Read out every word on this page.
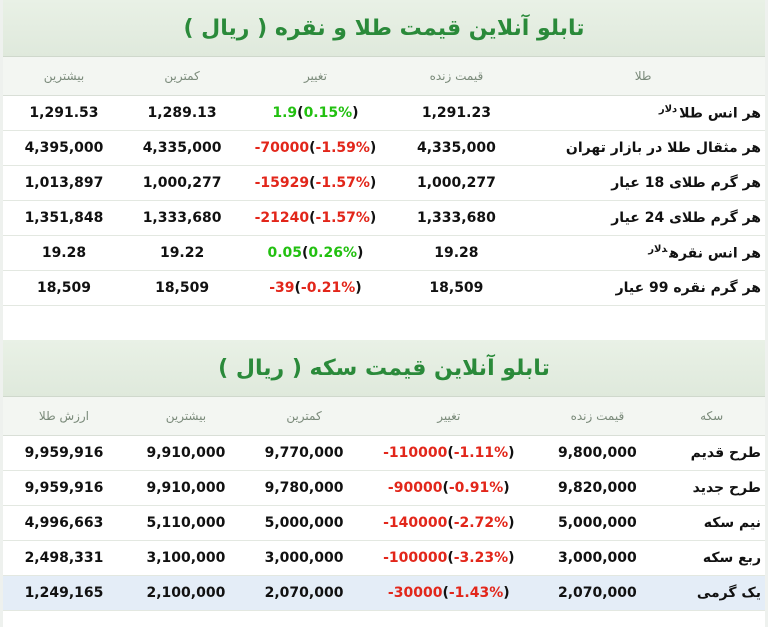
تابلو آنلاین قیمت طلا و نقره ( ریال )
طلا	قیمت زنده	تغییر	کمترین	بیشترین
هر انس طلا$^{دلار}$	1,291.23	1.9(0.15%)	1,289.13	1,291.53
هر مثقال طلا در بازار تهران	4,335,000	-70000(-1.59%)	4,335,000	4,395,000
هر گرم طلای 18 عیار	1,000,277	-15929(-1.57%)	1,000,277	1,013,897
هر گرم طلای 24 عیار	1,333,680	-21240(-1.57%)	1,333,680	1,351,848
هر انس نقره$^{دلار}$	19.28	0.05(0.26%)	19.22	19.28
هر گرم نقره 99 عیار	18,509	-39(-0.21%)	18,509	18,509
تابلو آنلاین قیمت سکه ( ریال )
سکه	قیمت زنده	تغییر	کمترین	بیشترین	ارزش طلا
طرح قدیم	9,800,000	-110000(-1.11%)	9,770,000	9,910,000	9,959,916
طرح جدید	9,820,000	-90000(-0.91%)	9,780,000	9,910,000	9,959,916
نیم سکه	5,000,000	-140000(-2.72%)	5,000,000	5,110,000	4,996,663
ربع سکه	3,000,000	-100000(-3.23%)	3,000,000	3,100,000	2,498,331
یک گرمی	2,070,000	-30000(-1.43%)	2,070,000	2,100,000	1,249,165
